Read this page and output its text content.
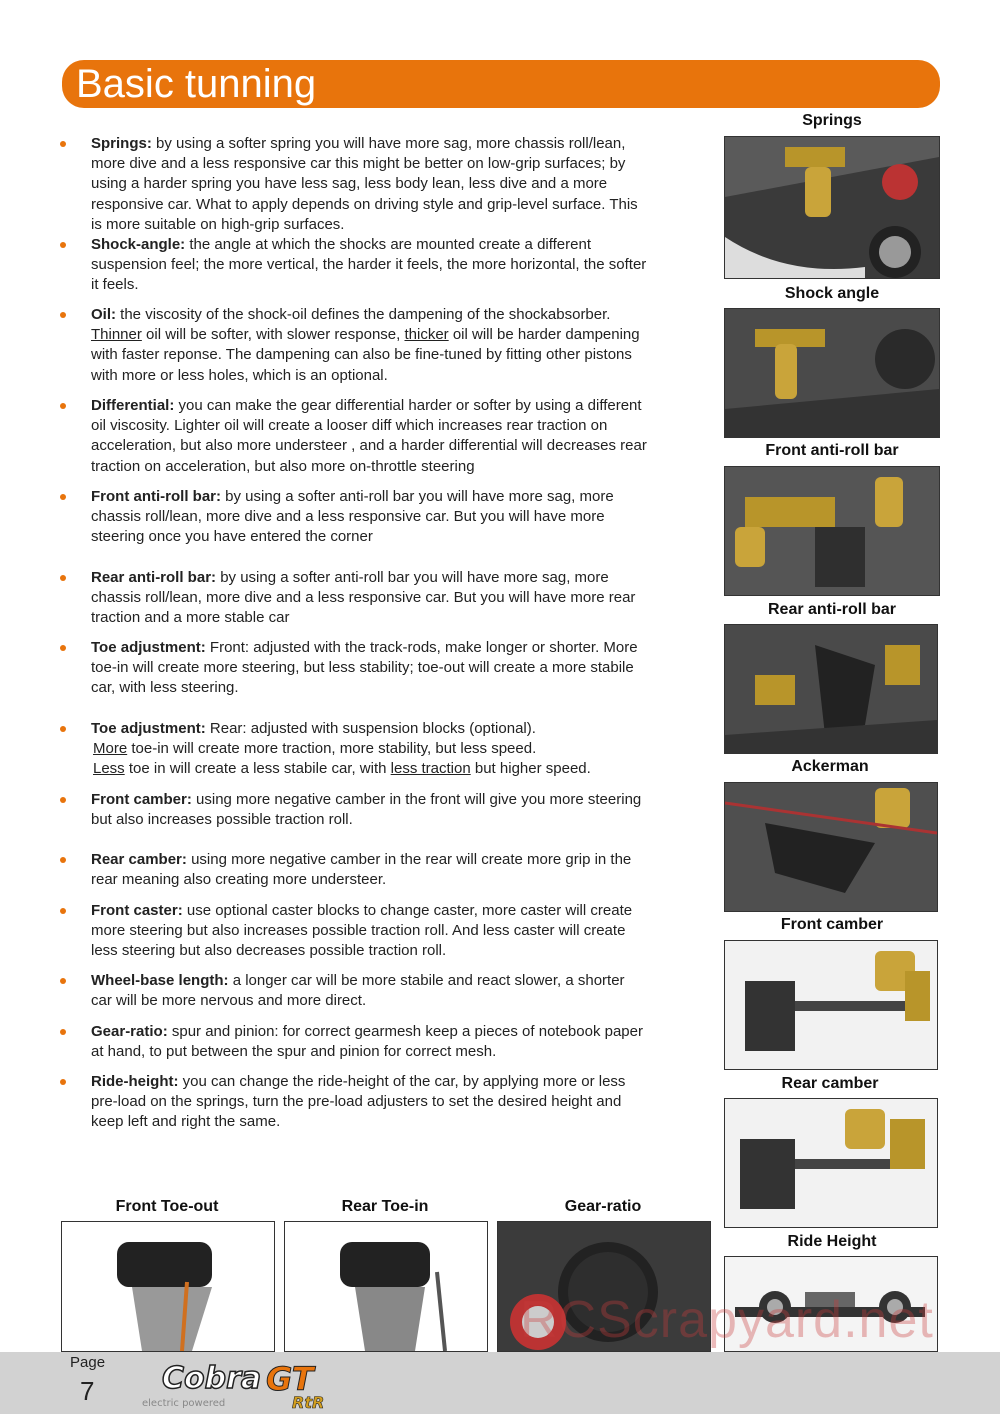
Basic tunning
Springs: by using a softer spring you will have more sag, more chassis roll/lean,
more dive and a less responsive car this might be better on low-grip surfaces; by
using a harder spring you have less sag, less body lean, less dive and a more
responsive car. What to apply depends on driving style and grip-level surface. This
is more suitable on high-grip surfaces.
Shock-angle: the angle at which the shocks are mounted create a different
suspension feel; the more vertical, the harder it feels, the more horizontal, the softer
it feels.
Oil: the viscosity of the shock-oil defines the dampening of the shockabsorber.
Thinner oil will be softer, with slower response, thicker oil will be harder dampening
with faster reponse. The dampening can also be fine-tuned by fitting other pistons
with more or less holes, which is an optional.
Differential: you can make the gear differential harder or softer by using a different
oil viscosity. Lighter oil will create a looser diff which increases rear traction on
acceleration, but also more understeer , and a harder differential will decreases rear
traction on acceleration, but also more on-throttle steering
Front anti-roll bar: by using a softer anti-roll bar you will have more sag, more
chassis roll/lean, more dive and a less responsive car. But you will have more
steering once you have entered the corner
Rear anti-roll bar: by using a softer anti-roll bar you will have more sag, more
chassis roll/lean, more dive and a less responsive car. But you will have more rear
traction and a more stable car
Toe adjustment: Front: adjusted with the track-rods, make longer or shorter. More
toe-in will create more steering, but less stability; toe-out will create a more stabile
car, with less steering.
Toe adjustment: Rear: adjusted with suspension blocks (optional).
More toe-in will create more traction, more stability, but less speed.
Less toe in will create a less stabile car, with less traction but higher speed.
Front camber: using more negative camber in the front will give you more steering
but also increases possible traction roll.
Rear camber: using more negative camber in the rear will create more grip in the
rear meaning also creating more understeer.
Front caster: use optional caster blocks to change caster, more caster will create
more steering but also increases possible traction roll. And less caster will create
less steering but also decreases possible traction roll.
Wheel-base length: a longer car will be more stabile and react slower, a shorter
car will be more nervous and more direct.
Gear-ratio: spur and pinion: for correct gearmesh keep a pieces of notebook paper
at hand, to put between the spur and pinion for correct mesh.
Ride-height: you can change the ride-height of the car, by applying more or less
pre-load on the springs, turn the pre-load adjusters to set the desired height and
keep left and right the same.
Springs
Shock angle
Front anti-roll bar
Rear anti-roll bar
Ackerman
Front camber
Rear camber
Ride Height
Front Toe-out	Rear Toe-in	Gear-ratio
Page
7 Cobra GT
electric powered	RtR
RCScrapyard.net
